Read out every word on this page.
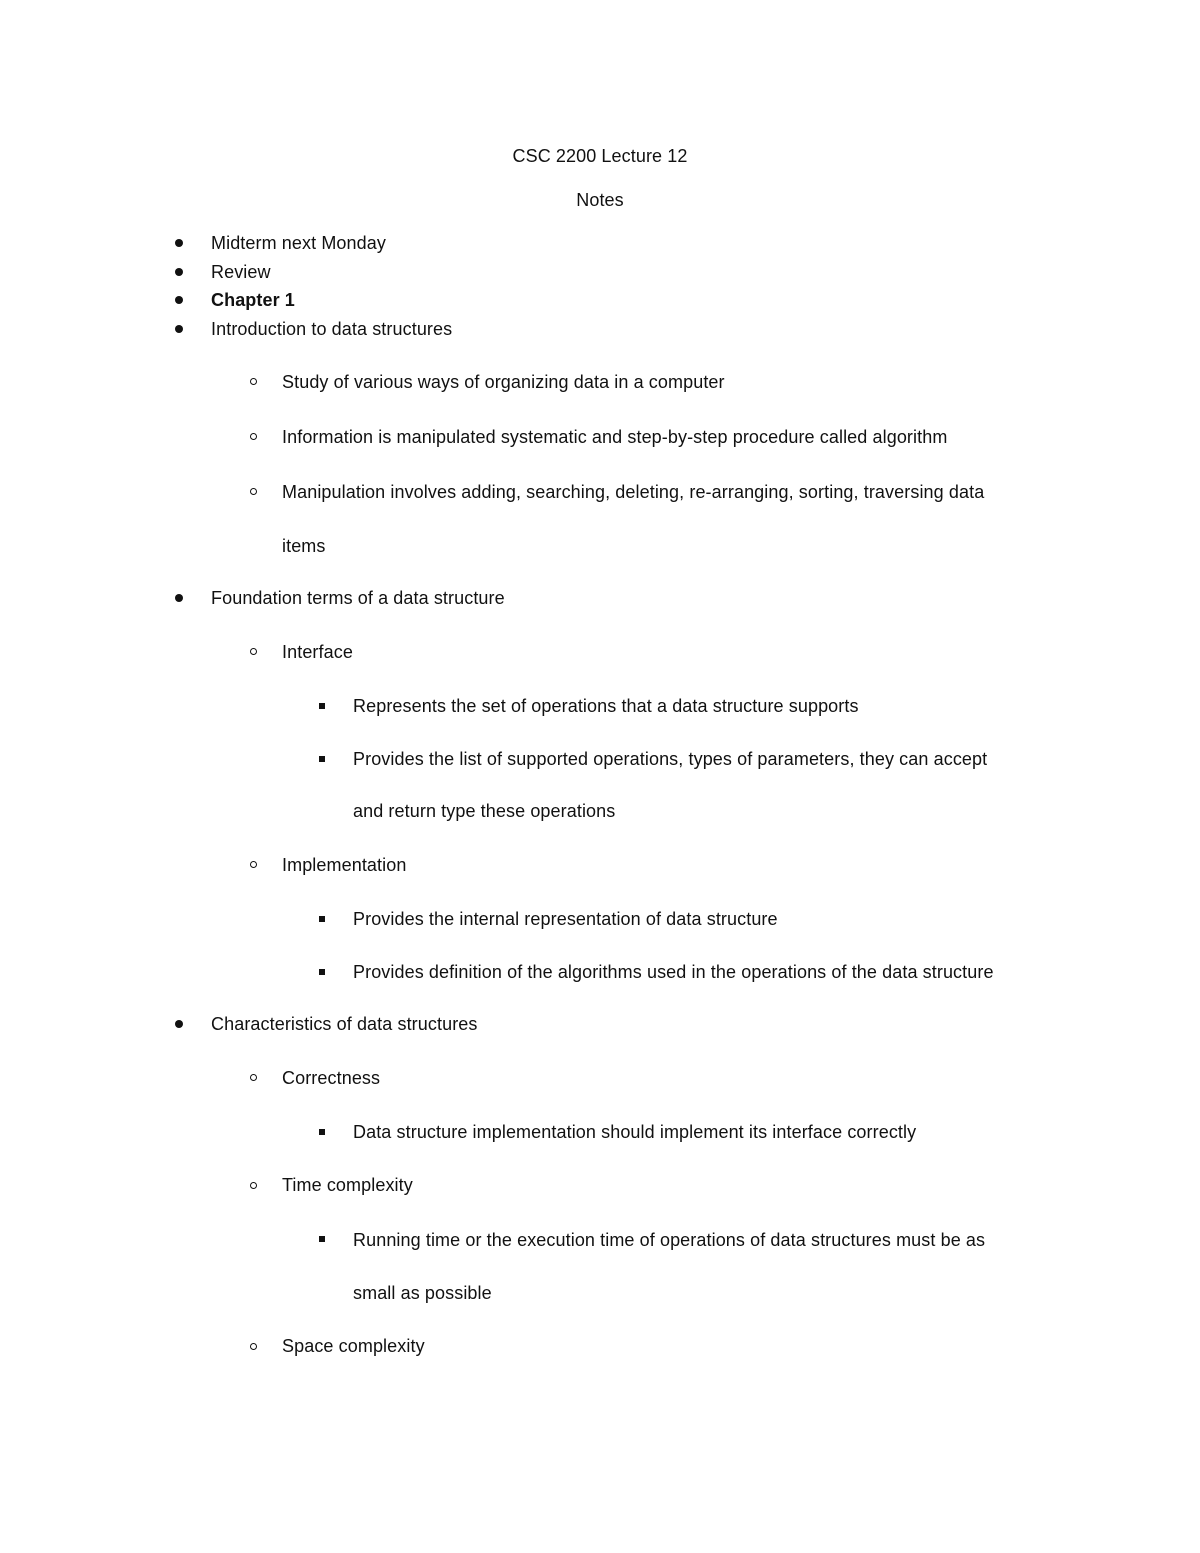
CSC 2200 Lecture 12
Notes
Midterm next Monday
Review
Chapter 1
Introduction to data structures
Study of various ways of organizing data in a computer
Information is manipulated systematic and step-by-step procedure called algorithm
Manipulation involves adding, searching, deleting, re-arranging, sorting, traversing data
items
Foundation terms of a data structure
Interface
Represents the set of operations that a data structure supports
Provides the list of supported operations, types of parameters, they can accept
and return type these operations
Implementation
Provides the internal representation of data structure
Provides definition of the algorithms used in the operations of the data structure
Characteristics of data structures
Correctness
Data structure implementation should implement its interface correctly
Time complexity
Running time or the execution time of operations of data structures must be as
small as possible
Space complexity
